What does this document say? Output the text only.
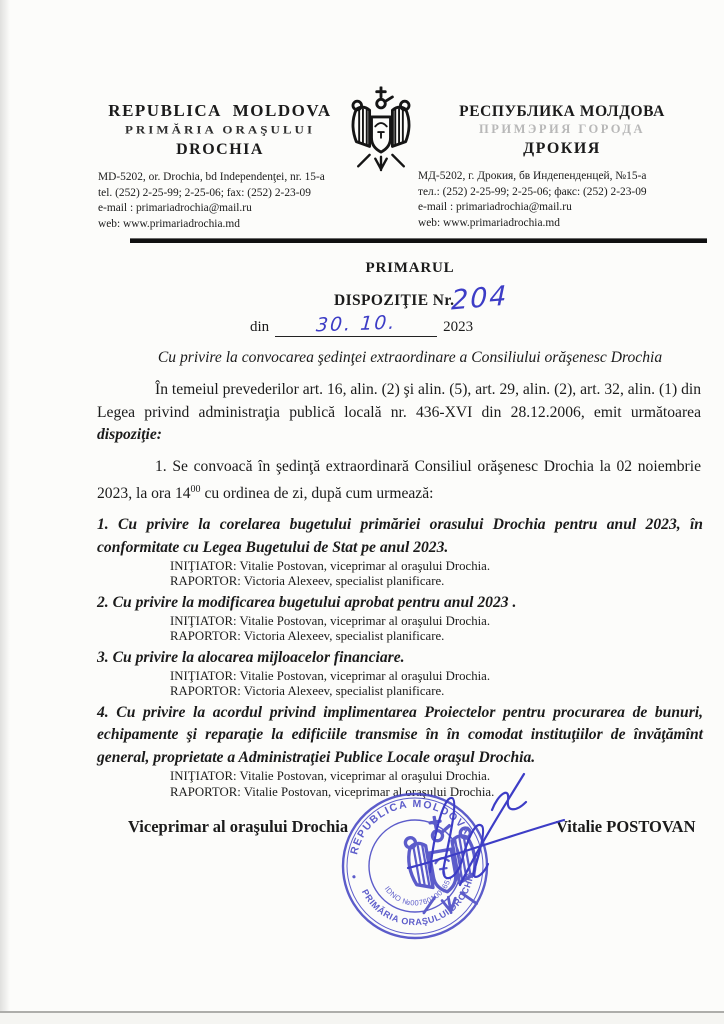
REPUBLICA MOLDOVA
PRIMĂRIA ORAŞULUI
DROCHIA
MD-5202, or. Drochia, bd Independenţei, nr. 15-a
tel. (252) 2-25-99; 2-25-06; fax: (252) 2-23-09
e-mail : primariadrochia@mail.ru
web: www.primariadrochia.md
РЕСПУБЛИКА МОЛДОВА
ПРИМЭРИЯ ГОРОДА
ДРОКИЯ
МД-5202, г. Дрокия, бв Индепенденцей, №15-а
тел.: (252) 2-25-99; 2-25-06; факс: (252) 2-23-09
e-mail : primariadrochia@mail.ru
web: www.primariadrochia.md
PRIMARUL
DISPOZIŢIE Nr.
204
din 30. 10.	2023
Cu privire la convocarea şedinţei extraordinare a Consiliului orăşenesc Drochia
În temeiul prevederilor art. 16, alin. (2) şi alin. (5), art. 29, alin. (2), art. 32, alin. (1) din Legea privind administraţia publică locală nr. 436-XVI din 28.12.2006, emit următoarea dispoziţie:
1. Se convoacă în şedinţă extraordinară Consiliul orăşenesc Drochia la 02 noiembrie 2023, la ora $14^{00}$ cu ordinea de zi, după cum urmează:
1. Cu privire la corelarea bugetului primăriei orasului Drochia pentru anul 2023, în conformitate cu Legea Bugetului de Stat pe anul 2023.
INIŢIATOR: Vitalie Postovan, viceprimar al oraşului Drochia.
RAPORTOR: Victoria Alexeev, specialist planificare.
2. Cu privire la modificarea bugetului aprobat pentru anul 2023 .
INIŢIATOR: Vitalie Postovan, viceprimar al oraşului Drochia.
RAPORTOR: Victoria Alexeev, specialist planificare.
3. Cu privire la alocarea mijloacelor financiare.
INIŢIATOR: Vitalie Postovan, viceprimar al oraşului Drochia.
RAPORTOR: Victoria Alexeev, specialist planificare.
4. Cu privire la acordul privind implimentarea Proiectelor pentru procurarea de bunuri, echipamente şi reparaţie la edificiile transmise în în comodat instituţiilor de învăţămînt general, proprietate a Administraţiei Publice Locale oraşul Drochia.
INIŢIATOR: Vitalie Postovan, viceprimar al oraşului Drochia.
RAPORTOR: Vitalie Postovan, viceprimar al oraşului Drochia.
Viceprimar al oraşului Drochia	Vitalie POSTOVAN
REPUBLICA MOLDOVA
PRIMĂRIA ORAŞULUI DROCHIA
IDNO №007601001651
